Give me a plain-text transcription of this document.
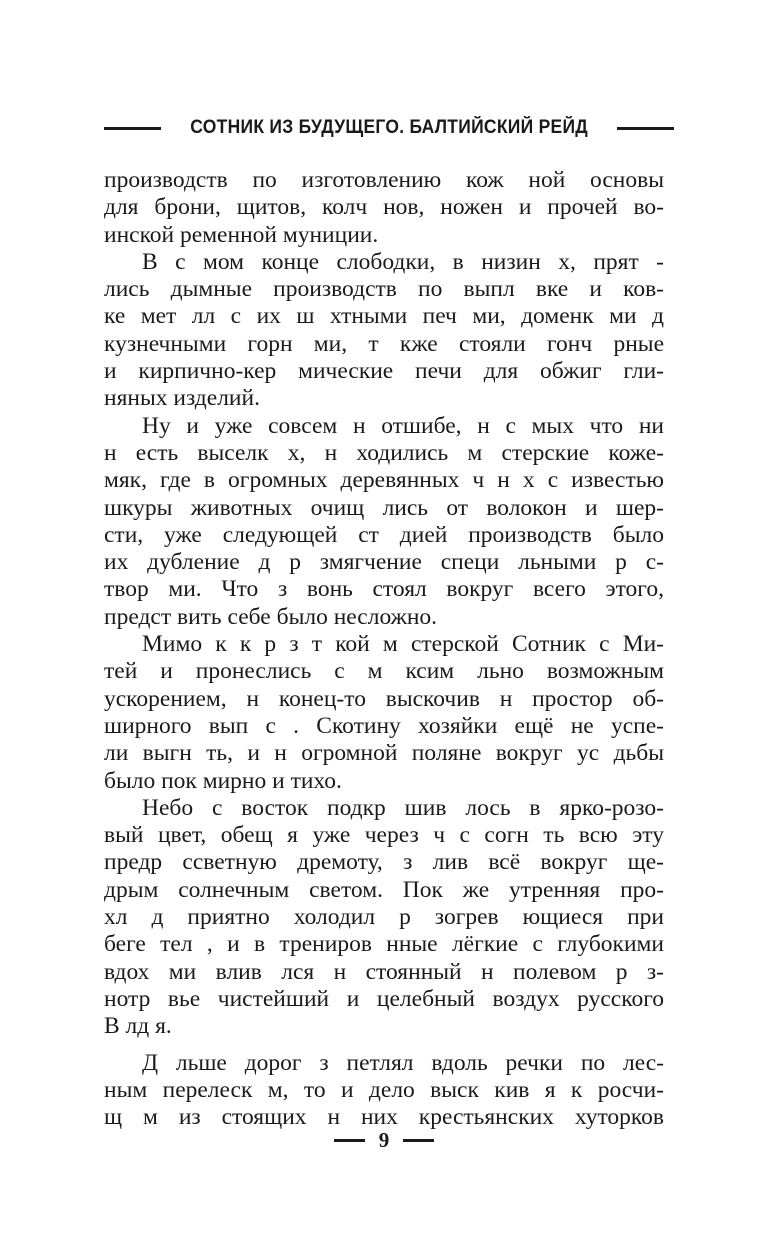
СОТНИК ИЗ БУДУЩЕГО. БАЛТИЙСКИЙ РЕЙД
производств по изготовлению кож ной основы
для брони, щитов, колч нов, ножен и прочей во-
инской ременной муниции.
В с мом конце слободки, в низин х, прят -
лись дымные производств по выпл вке и ков-
ке мет лл с их ш хтными печ ми, доменк ми д
кузнечными горн ми, т кже стояли гонч рные
и кирпично-кер мические печи для обжиг гли-
няных изделий.
Ну и уже совсем н отшибе, н с мых что ни
н есть выселк х, н ходились м стерские коже-
мяк, где в огромных деревянных ч н х с известью
шкуры животных очищ лись от волокон и шер-
сти, уже следующей ст дией производств было
их дубление д р змягчение специ льными р с-
твор ми. Что з вонь стоял вокруг всего этого,
предст вить себе было несложно.
Мимо к к р з т кой м стерской Сотник с Ми-
тей и пронеслись с м ксим льно возможным
ускорением, н конец-то выскочив н простор об-
ширного вып с . Скотину хозяйки ещё не успе-
ли выгн ть, и н огромной поляне вокруг ус дьбы
было пок мирно и тихо.
Небо с восток подкр шив лось в ярко-розо-
вый цвет, обещ я уже через ч с согн ть всю эту
предр ссветную дремоту, з лив всё вокруг ще-
дрым солнечным светом. Пок же утренняя про-
хл д приятно холодил р зогрев ющиеся при
беге тел , и в трениров нные лёгкие с глубокими
вдох ми влив лся н стоянный н полевом р з-
нотр вье чистейший и целебный воздух русского
В лд я.
Д льше дорог з петлял вдоль речки по лес-
ным перелеск м, то и дело выск кив я к росчи-
щ м из стоящих н них крестьянских хуторков
9
